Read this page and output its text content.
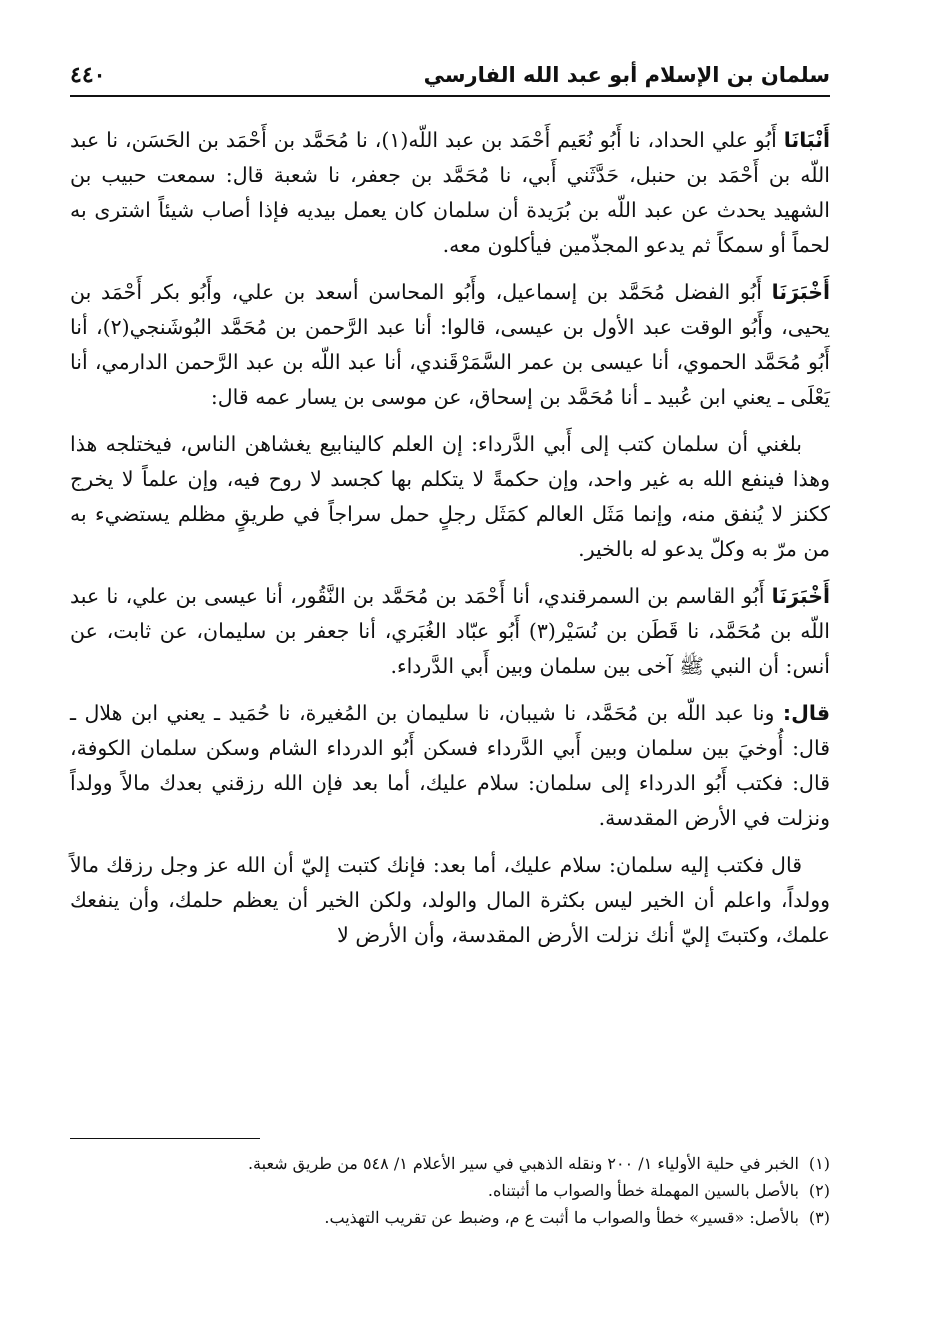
سلمان بن الإسلام أبو عبد الله الفارسي
٤٤٠

أَنْبَانَا أَبُو علي الحداد، نا أَبُو نُعَيم أَحْمَد بن عبد اللّه(١)، نا مُحَمَّد بن أَحْمَد بن الحَسَن، نا عبد اللّه بن أَحْمَد بن حنبل، حَدَّثَني أَبي، نا مُحَمَّد بن جعفر، نا شعبة قال: سمعت حبيب بن الشهيد يحدث عن عبد اللّه بن بُرَيدة أن سلمان كان يعمل بيديه فإذا أصاب شيئاً اشترى به لحماً أو سمكاً ثم يدعو المجذّمين فيأكلون معه.

أَخْبَرَنَا أَبُو الفضل مُحَمَّد بن إسماعيل، وأَبُو المحاسن أسعد بن علي، وأَبُو بكر أَحْمَد بن يحيى، وأَبُو الوقت عبد الأول بن عيسى، قالوا: أنا عبد الرَّحمن بن مُحَمَّد البُوشَنجي(٢)، أنا أَبُو مُحَمَّد الحموي، أنا عيسى بن عمر السَّمَرْقَندي، أنا عبد اللّه بن عبد الرَّحمن الدارمي، أنا يَعْلَى ـ يعني ابن عُبيد ـ أنا مُحَمَّد بن إسحاق، عن موسى بن يسار عمه قال:

بلغني أن سلمان كتب إلى أَبي الدَّرداء: إن العلم كالينابيع يغشاهن الناس، فيختلجه هذا وهذا فينفع الله به غير واحد، وإن حكمةً لا يتكلم بها كجسد لا روح فيه، وإن علماً لا يخرج ككنز لا يُنفق منه، وإنما مَثَل العالم كمَثَل رجلٍ حمل سراجاً في طريقٍ مظلم يستضيء به من مرّ به وكلّ يدعو له بالخير.

أَخْبَرَنَا أَبُو القاسم بن السمرقندي، أنا أَحْمَد بن مُحَمَّد بن النَّقُور، أنا عيسى بن علي، نا عبد اللّه بن مُحَمَّد، نا قَطَن بن نُسَيْر(٣) أَبُو عبّاد الغُبَري، أنا جعفر بن سليمان، عن ثابت، عن أنس: أن النبي ﷺ آخى بين سلمان وبين أَبي الدَّرداء.

قال: ونا عبد اللّه بن مُحَمَّد، نا شيبان، نا سليمان بن المُغيرة، نا حُمَيد ـ يعني ابن هلال ـ قال: أُوخيَ بين سلمان وبين أَبي الدَّرداء فسكن أَبُو الدرداء الشام وسكن سلمان الكوفة، قال: فكتب أَبُو الدرداء إلى سلمان: سلام عليك، أما بعد فإن الله رزقني بعدك مالاً وولداً ونزلت في الأرض المقدسة.

قال فكتب إليه سلمان: سلام عليك، أما بعد: فإنك كتبت إليّ أن الله عز وجل رزقك مالاً وولداً، واعلم أن الخير ليس بكثرة المال والولد، ولكن الخير أن يعظم حلمك، وأن ينفعك علمك، وكتبتَ إليّ أنك نزلت الأرض المقدسة، وأن الأرض لا

(١)
الخبر في حلية الأولياء ١/ ٢٠٠ ونقله الذهبي في سير الأعلام ١/ ٥٤٨ من طريق شعبة.
(٢)
بالأصل بالسين المهملة خطأ والصواب ما أثبتناه.
(٣)
بالأصل: «قسير» خطأ والصواب ما أثبت ع م، وضبط عن تقريب التهذيب.
